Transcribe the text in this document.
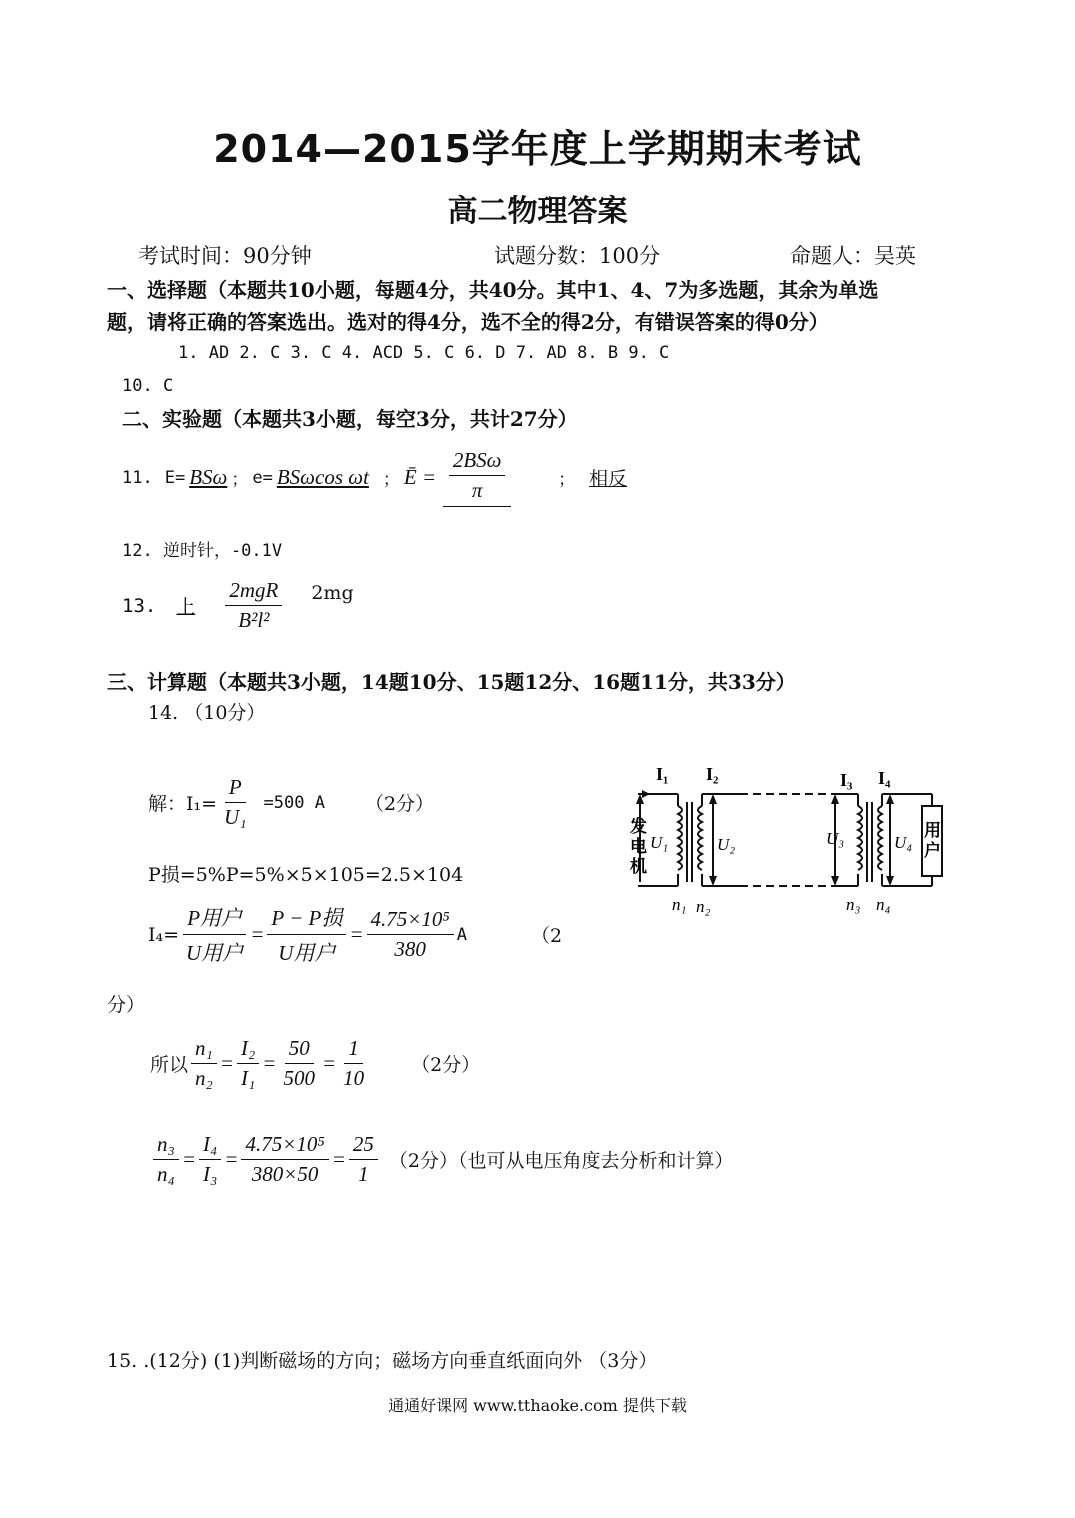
2014—2015学年度上学期期末考试
高二物理答案
考试时间：90分钟	试题分数：100分	命题人：吴英
一、选择题（本题共10小题，每题4分，共40分。其中1、4、7为多选题，其余为单选
题，请将正确的答案选出。选对的得4分，选不全的得2分，有错误答案的得0分）
1. AD 2. C 3. C 4. ACD 5. C 6. D 7. AD 8. B 9. C
10. C
二、实验题（本题共3小题，每空3分，共计27分）
11. E= BSω ； e= BSωcos ωt ； Ē = $\frac{\text{2BSω}}{\pi}$	； 相反
12. 逆时针，-0.1V
13. 上 $\frac{\text{2mgR}}{\text{B²l²}} 2mg$
三、计算题（本题共3小题，14题10分、15题12分、16题11分，共33分）
14. （10分）
解：$I_1= \frac{P}{\text{U₁}} =500$ A （2分）
P损=5%P=5%×5×105=2.5×104
$I_4= \frac{\text{P用户}}{\text{U用户}} = \frac{\text{P − P损}}{\text{U用户}} = \frac{\text{4.75×10⁵}}{380}$ A	（2
分）
所以 $\frac{\text{n₁}}{\text{n₂}} = \frac{\text{I₂}}{\text{I₁}} = \frac{50}{500} = \frac{1}{10} (2$分）
$\frac{\text{n₃}}{\text{n₄}} = \frac{\text{I₄}}{\text{I₃}} = \frac{\text{4.75×10⁵}}{380\times 50} = \frac{25}{1} (2$分）（也可从电压角度去分析和计算）
15. .(12分) (1)判断磁场的方向；磁场方向垂直纸面向外 （3分）
I₁ I₂	I₃ I₄
U₁	U₂	U₃	U₄
n₁ n₂	n₃ n₄
发
电
机
用
户
通通好课网 www.tthaoke.com 提供下载
